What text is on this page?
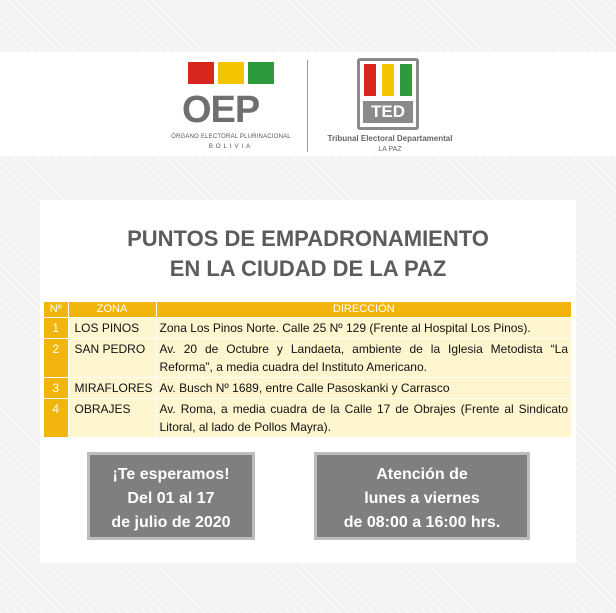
OEP
ÓRGANO ELECTORAL PLURINACIONAL
BOLIVIA
TED
Tribunal Electoral Departamental
LA PAZ
PUNTOS DE EMPADRONAMIENTO
EN LA CIUDAD DE LA PAZ
Nº	ZONA	DIRECCIÓN
1	LOS PINOS	Zona Los Pinos Norte. Calle 25 Nº 129 (Frente al Hospital Los Pinos).
2	SAN PEDRO	Av. 20 de Octubre y Landaeta, ambiente de la Iglesia Metodista “La Reforma”, a media cuadra del Instituto Americano.
3	MIRAFLORES	Av. Busch Nº 1689, entre Calle Pasoskanki y Carrasco
4	OBRAJES	Av. Roma, a media cuadra de la Calle 17 de Obrajes (Frente al Sindicato Litoral, al lado de Pollos Mayra).
¡Te esperamos!
Del 01 al 17
de julio de 2020
Atención de
lunes a viernes
de 08:00 a 16:00 hrs.
